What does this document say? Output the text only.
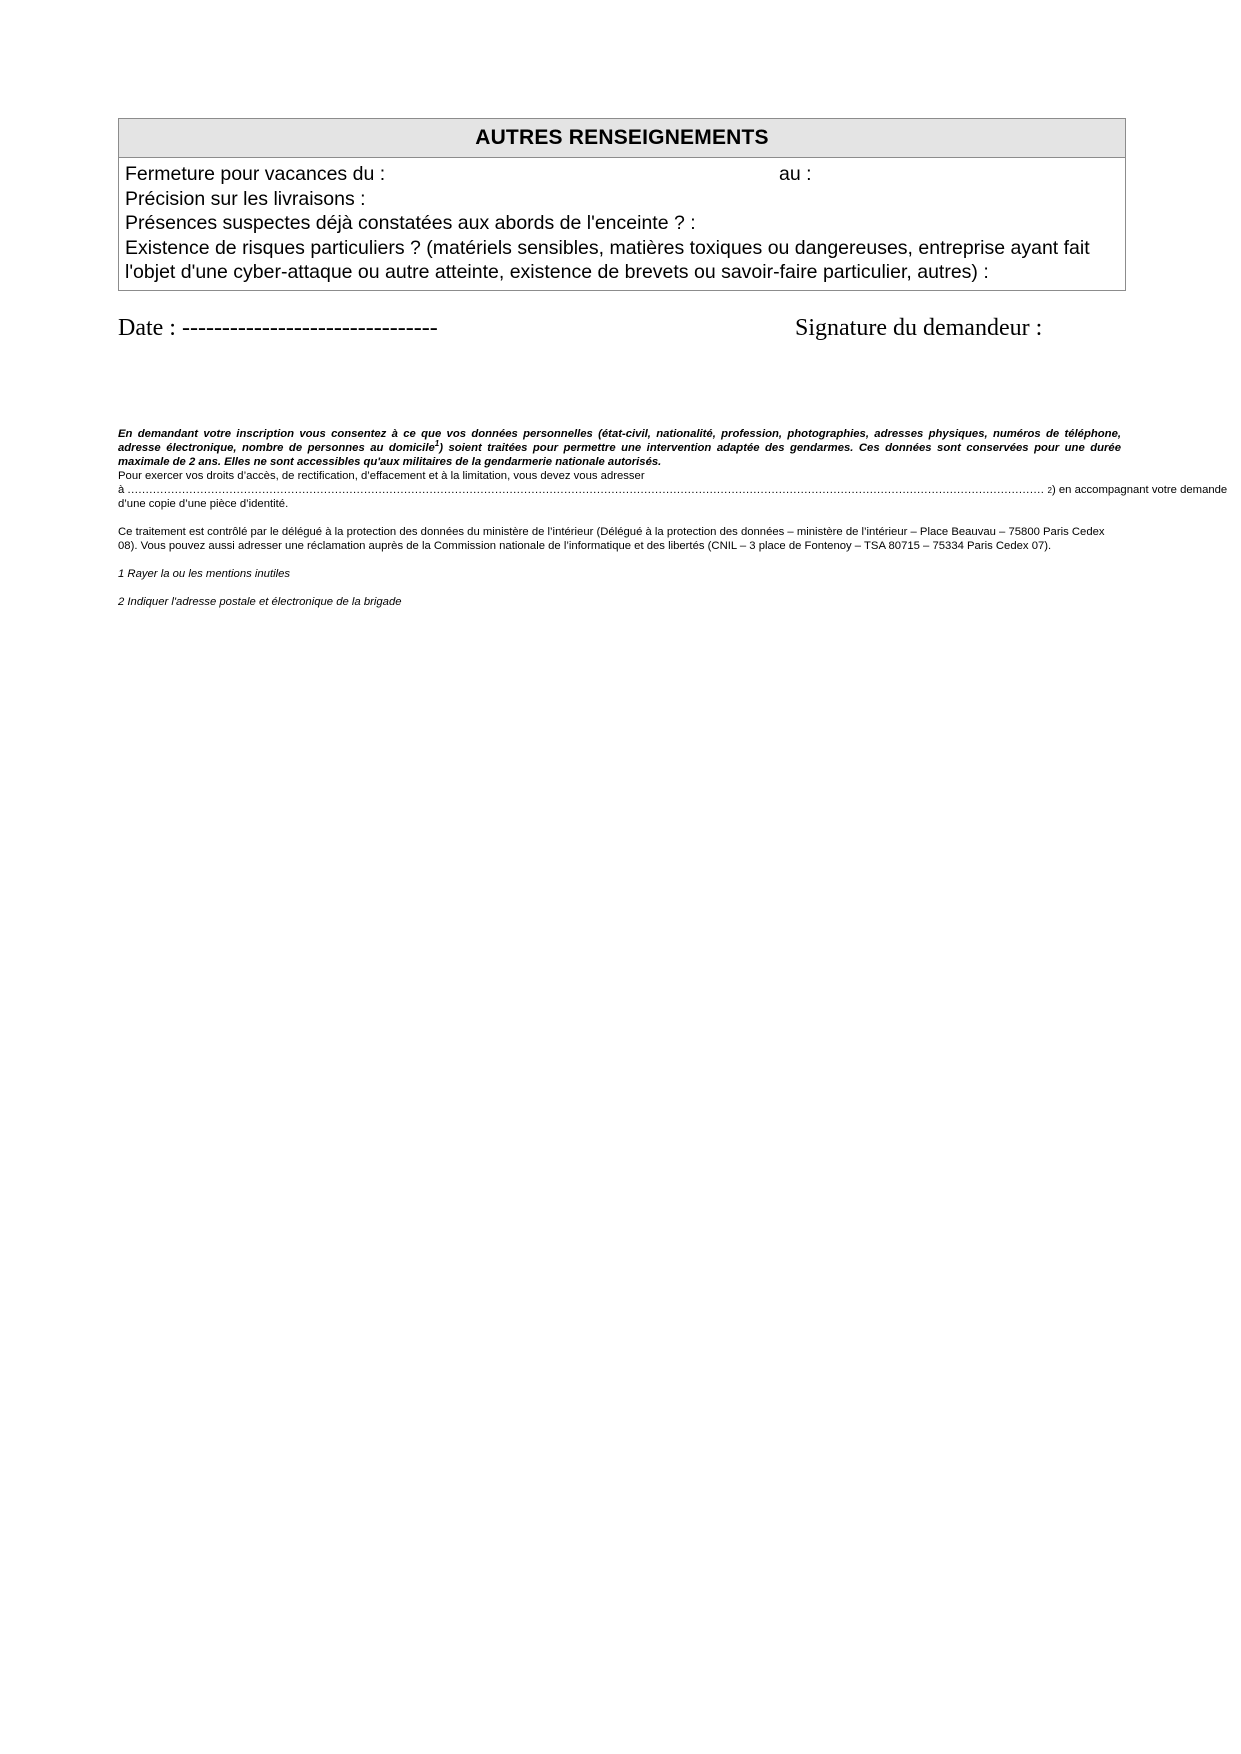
AUTRES RENSEIGNEMENTS
Fermeture pour vacances du :	au :

Précision sur les livraisons :

Présences suspectes déjà constatées aux abords de l'enceinte ? :

Existence de risques particuliers ? (matériels sensibles, matières toxiques ou dangereuses, entreprise ayant fait l'objet d'une cyber-attaque ou autre atteinte, existence de brevets ou savoir-faire particulier, autres) :

Date : --------------------------------	Signature du demandeur :

En demandant votre inscription vous consentez à ce que vos données personnelles (état-civil, nationalité, profession, photographies, adresses physiques, numéros de téléphone, adresse électronique, nombre de personnes au domicile$^1$) soient traitées pour permettre une intervention adaptée des gendarmes. Ces données sont conservées pour une durée maximale de 2 ans. Elles ne sont accessibles qu'aux militaires de la gendarmerie nationale autorisés.

Pour exercer vos droits d’accès, de rectification, d’effacement et à la limitation, vous devez vous adresser

à
............................................................................................................................................................................................................................................................
2 ) en accompagnant votre demande

d’une copie d’une pièce d’identité.

Ce traitement est contrôlé par le délégué à la protection des données du ministère de l’intérieur (Délégué à la protection des données – ministère de l’intérieur – Place Beauvau – 75800 Paris Cedex 08). Vous pouvez aussi adresser une réclamation auprès de la Commission nationale de l’informatique et des libertés (CNIL – 3 place de Fontenoy – TSA 80715 – 75334 Paris Cedex 07).

1 Rayer la ou les mentions inutiles

2 Indiquer l'adresse postale et électronique de la brigade
